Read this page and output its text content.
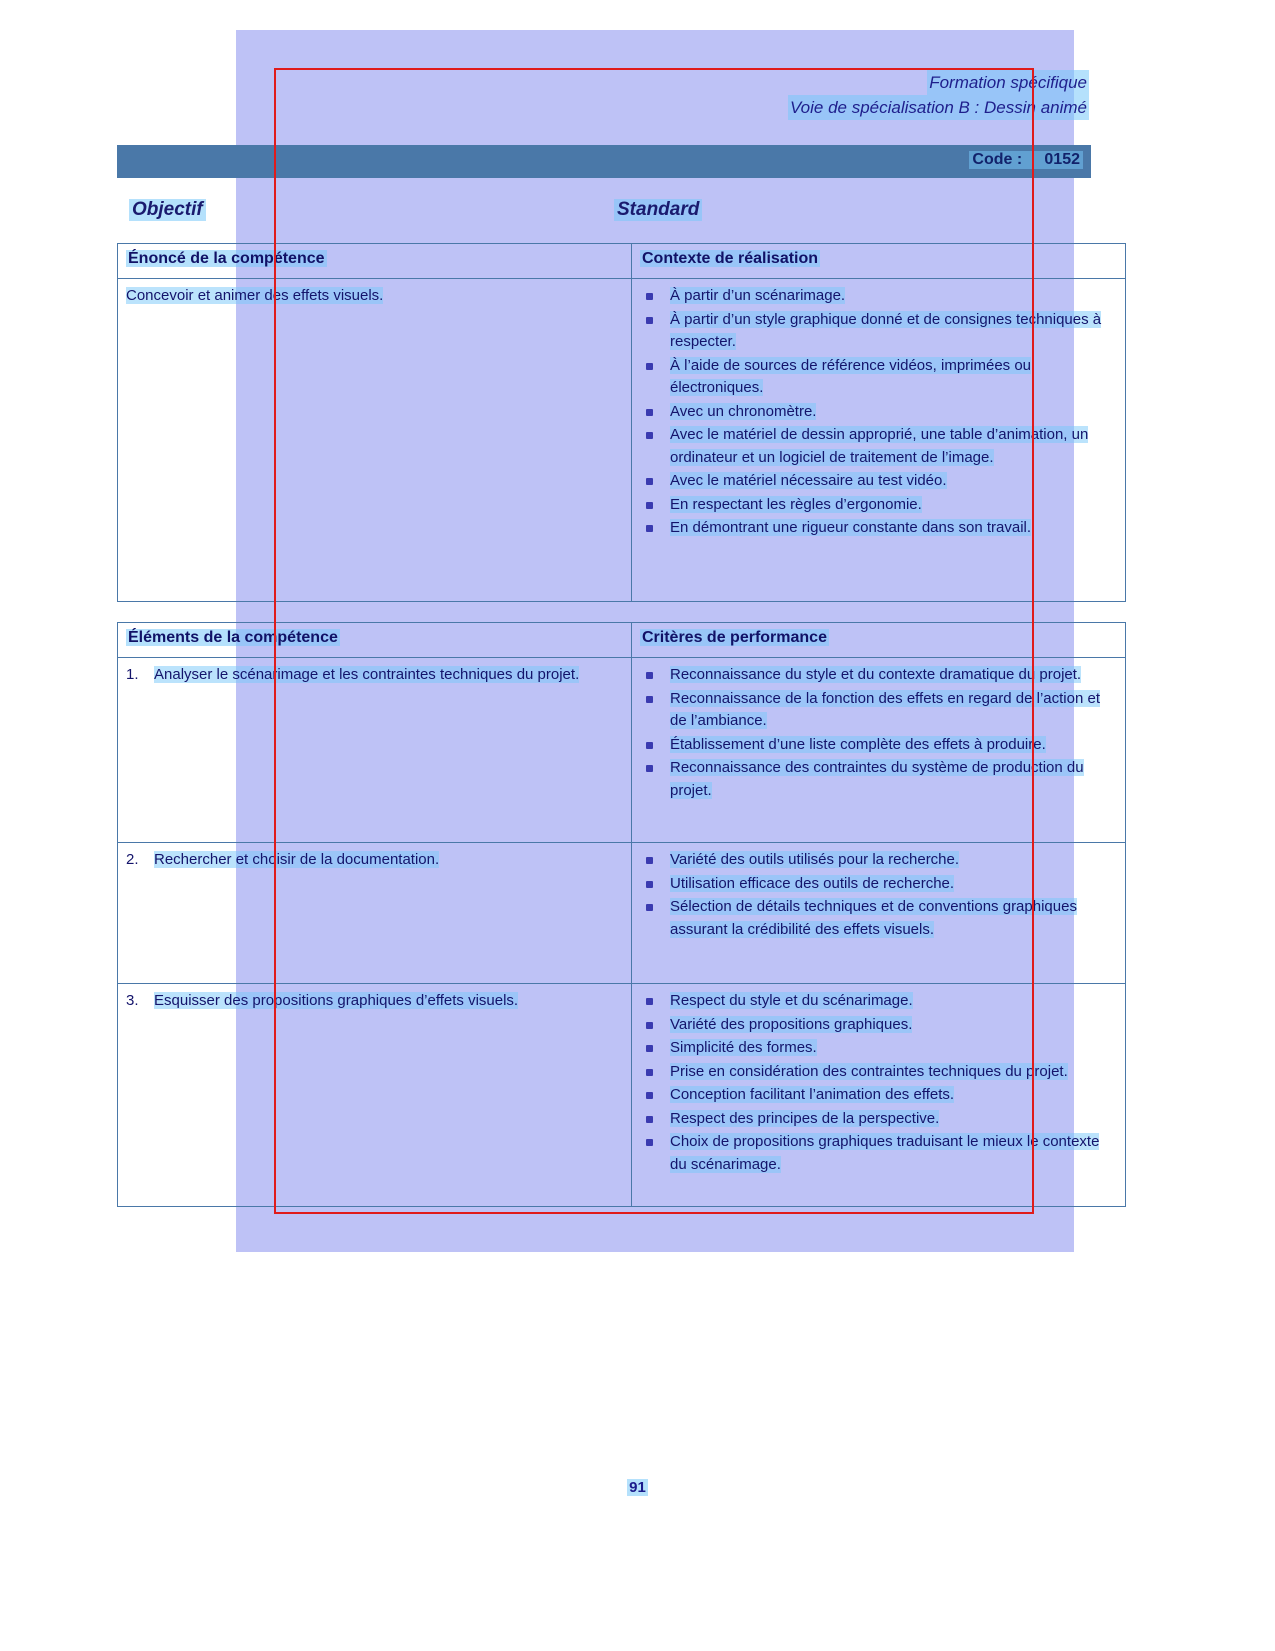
Formation spécifique
Voie de spécialisation B : Dessin animé
Code : 0152
Objectif	Standard
Énoncé de la compétence	Contexte de réalisation

Concevoir et animer des effets visuels.	À partir d’un scénarimage.
À partir d’un style graphique donné et de consignes techniques à respecter.
À l’aide de sources de référence vidéos, imprimées ou électroniques.
Avec un chronomètre.
Avec le matériel de dessin approprié, une table d’animation, un ordinateur et un logiciel de traitement de l’image.
Avec le matériel nécessaire au test vidéo.
En respectant les règles d’ergonomie.
En démontrant une rigueur constante dans son travail.
Éléments de la compétence	Critères de performance

1. Analyser le scénarimage et les contraintes techniques du projet.	Reconnaissance du style et du contexte dramatique du projet.
Reconnaissance de la fonction des effets en regard de l’action et de l’ambiance.
Établissement d’une liste complète des effets à produire.
Reconnaissance des contraintes du système de production du projet.

2. Rechercher et choisir de la documentation.	Variété des outils utilisés pour la recherche.
Utilisation efficace des outils de recherche.
Sélection de détails techniques et de conventions graphiques assurant la crédibilité des effets visuels.

3. Esquisser des propositions graphiques d’effets visuels.	Respect du style et du scénarimage.
Variété des propositions graphiques.
Simplicité des formes.
Prise en considération des contraintes techniques du projet.
Conception facilitant l’animation des effets.
Respect des principes de la perspective.
Choix de propositions graphiques traduisant le mieux le contexte du scénarimage.
91
